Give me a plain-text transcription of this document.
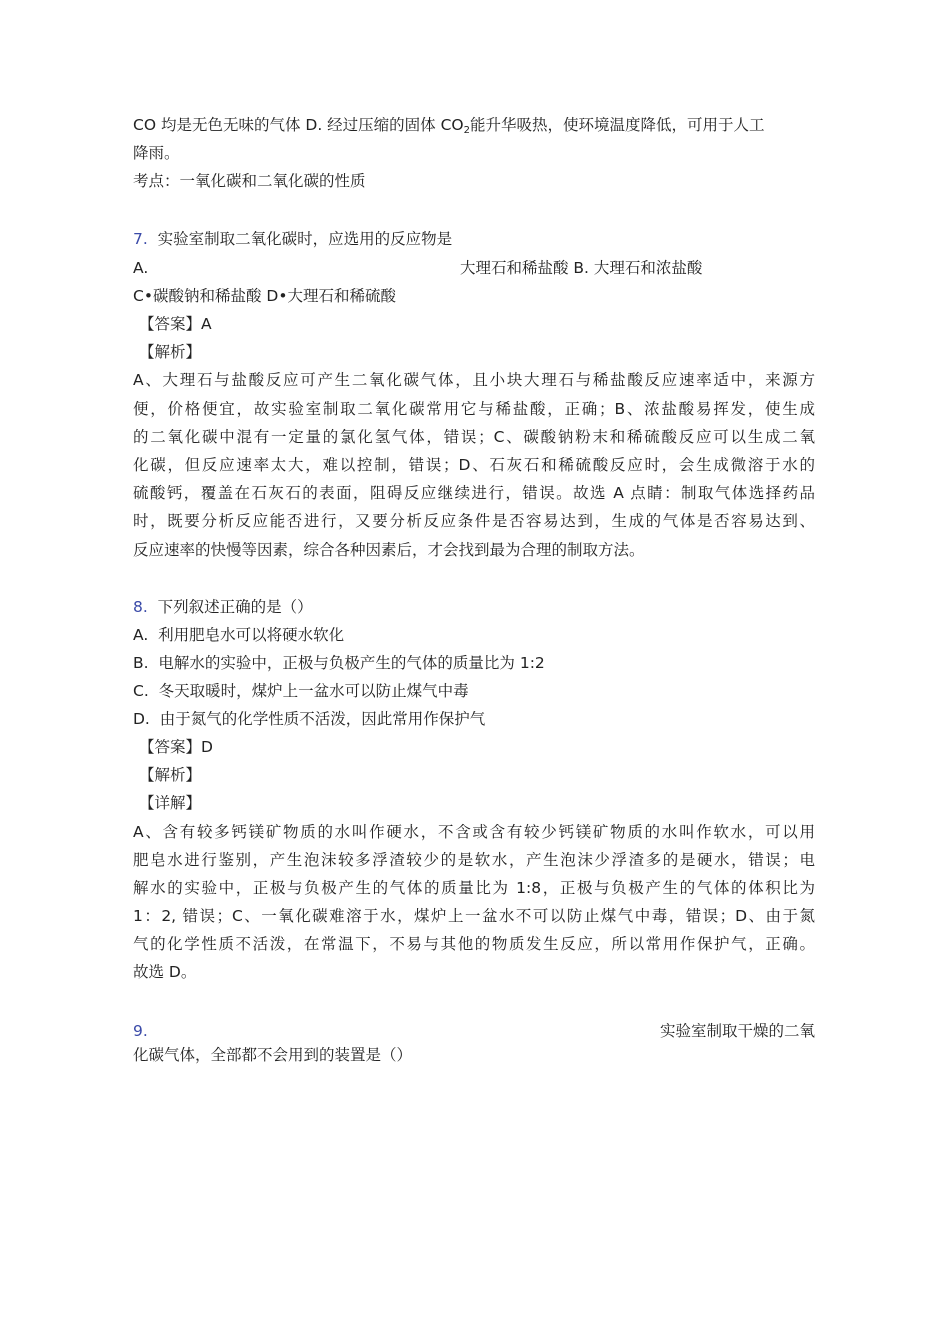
CO 均是无色无味的气体 D. 经过压缩的固体 $CO_2$能升华吸热，使环境温度降低，可用于人工
降雨。
考点：一氧化碳和二氧化碳的性质
7. 实验室制取二氧化碳时，应选用的反应物是
A.	大理石和稀盐酸 B. 大理石和浓盐酸
C•碳酸钠和稀盐酸 D•大理石和稀硫酸
【答案】A
【解析】
A、大理石与盐酸反应可产生二氧化碳气体，且小块大理石与稀盐酸反应速率适中，来源方
便，价格便宜，故实验室制取二氧化碳常用它与稀盐酸，正确；B、浓盐酸易挥发，使生成
的二氧化碳中混有一定量的氯化氢气体，错误；C、碳酸钠粉末和稀硫酸反应可以生成二氧
化碳，但反应速率太大，难以控制，错误；D、石灰石和稀硫酸反应时，会生成微溶于水的
硫酸钙，覆盖在石灰石的表面，阻碍反应继续进行，错误。故选 A 点睛：制取气体选择药品
时，既要分析反应能否进行，又要分析反应条件是否容易达到，生成的气体是否容易达到、
反应速率的快慢等因素，综合各种因素后，才会找到最为合理的制取方法。
8. 下列叙述正确的是（）
A. 利用肥皂水可以将硬水软化
B. 电解水的实验中，正极与负极产生的气体的质量比为 1:2
C. 冬天取暖时，煤炉上一盆水可以防止煤气中毒
D. 由于氮气的化学性质不活泼，因此常用作保护气
【答案】D
【解析】
【详解】
A、含有较多钙镁矿物质的水叫作硬水，不含或含有较少钙镁矿物质的水叫作软水，可以用
肥皂水进行鉴别，产生泡沫较多浮渣较少的是软水，产生泡沫少浮渣多的是硬水，错误；电
解水的实验中，正极与负极产生的气体的质量比为 1:8，正极与负极产生的气体的体积比为
1：2, 错误；C、一氧化碳难溶于水，煤炉上一盆水不可以防止煤气中毒，错误；D、由于氮
气的化学性质不活泼，在常温下，不易与其他的物质发生反应，所以常用作保护气，正确。
故选 D。
9.	实验室制取干燥的二氧
化碳气体，全部都不会用到的装置是（）
